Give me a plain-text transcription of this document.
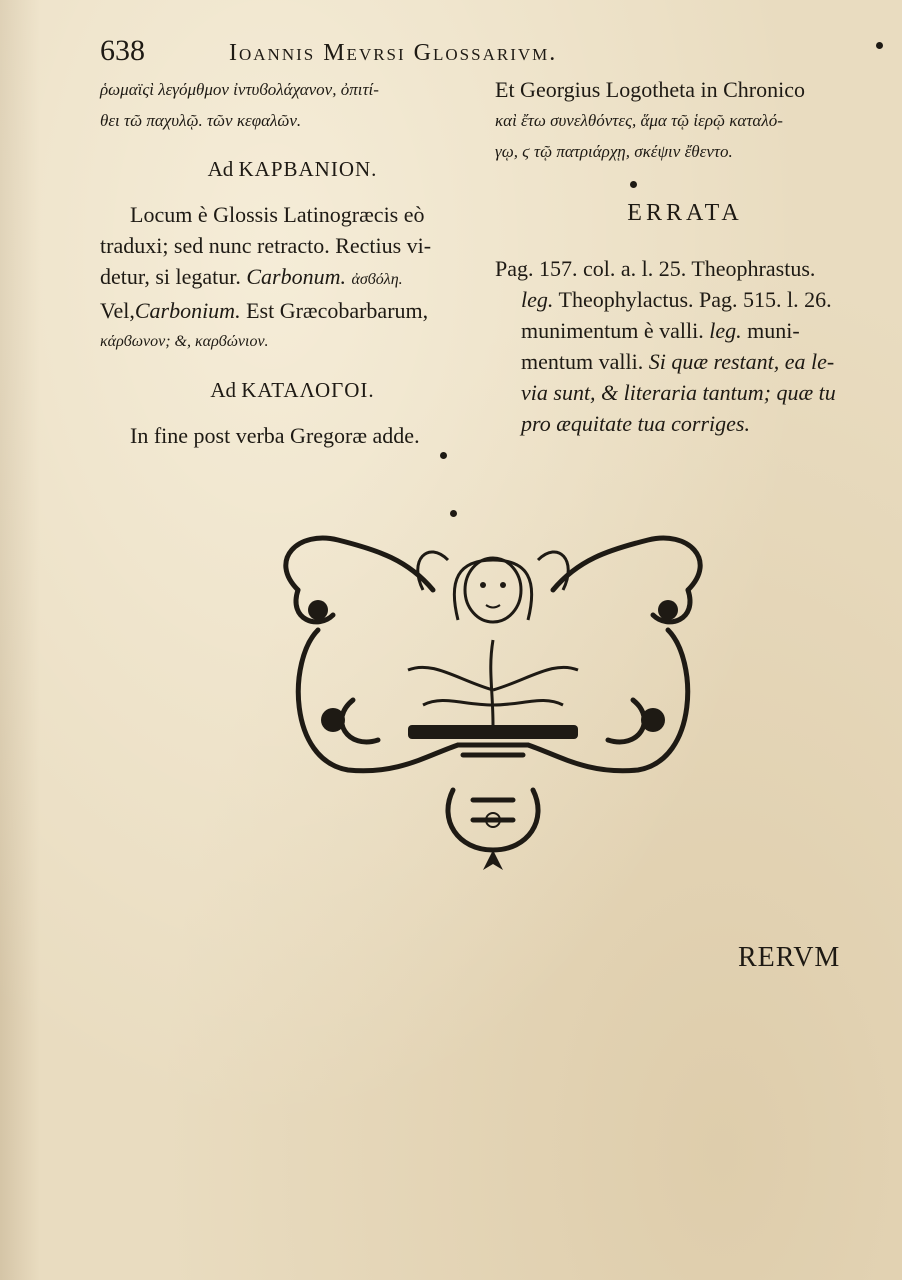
638	Ioannis Mevrsi Glossarivm.
ῥωμαϊςὶ λεγόμθμον ἰντυϐολάχανον, ὀπιτί-
θει τῶ παχυλῷ. τῶν κεφαλῶν.
Ad ΚΑΡΒΑΝΙΟΝ.
Locum è Glossis Latinogræcis eò
traduxi; sed nunc retracto. Rectius vi-
detur, si legatur. Carbonum. ἀσϐόλη.
Vel,Carbonium. Est Græcobarbarum,
κάρϐωνον; &, καρϐώνιον.
Ad ΚΑΤΑΛΟΓΟΙ.
In fine post verba Gregoræ adde.
Et Georgius Logotheta in Chronico
καὶ ἔτω συνελθόντες, ἅμα τῷ ἱερῷ καταλό-
γῳ, ϛ τῷ πατριάρχῃ, σκέψιν ἔθεντο.
ERRATA
Pag. 157. col. a. l. 25. Theophrastus.
leg. Theophylactus. Pag. 515. l. 26.
munimentum è valli. leg. muni-
mentum valli. Si quæ restant, ea le-
via sunt, & literaria tantum; quæ tu
pro æquitate tua corriges.
RERVM
